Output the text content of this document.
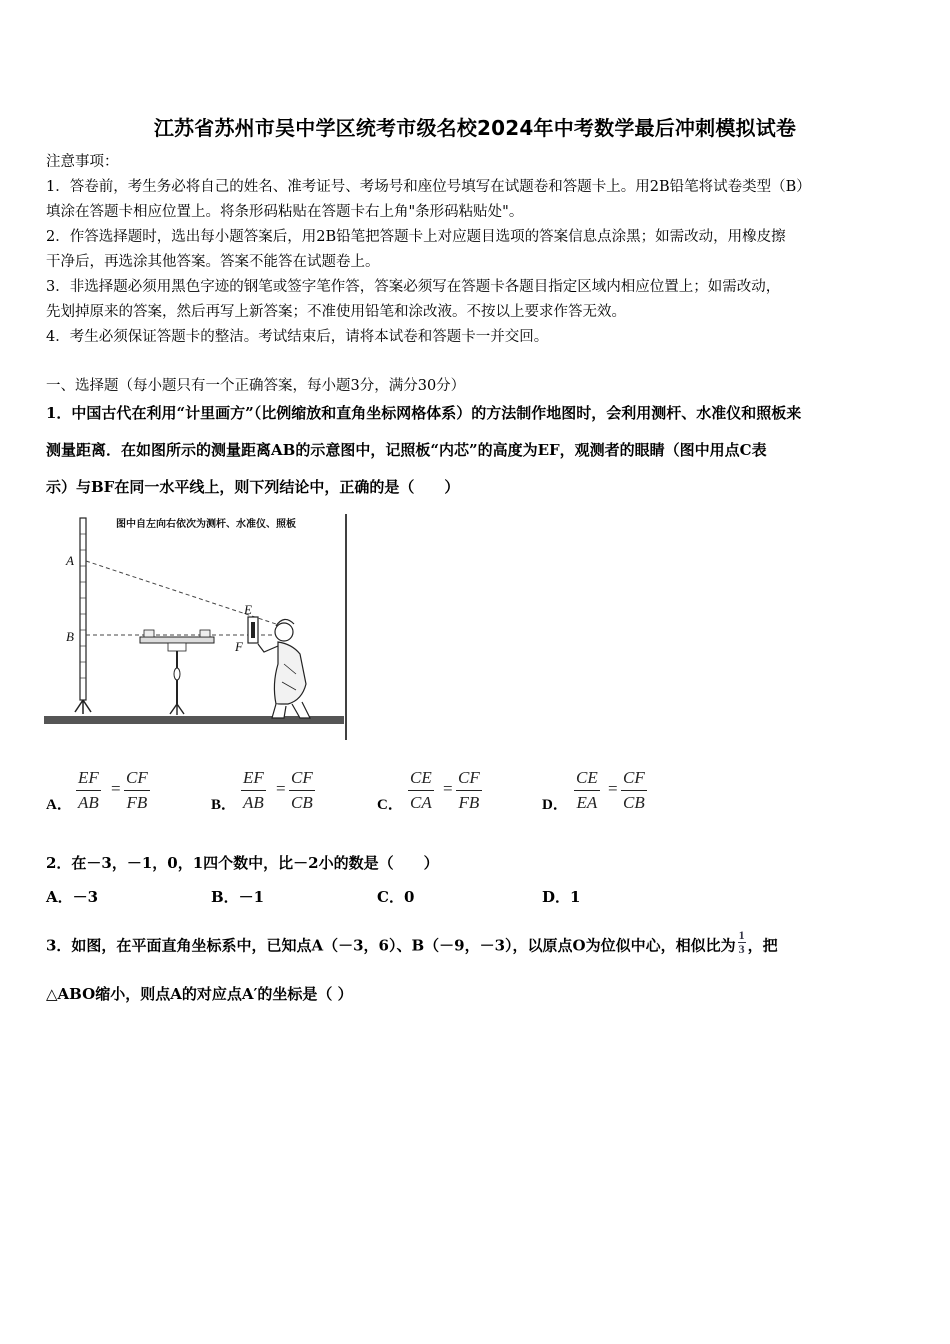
江苏省苏州市吴中学区统考市级名校2024年中考数学最后冲刺模拟试卷
注意事项：
1．答卷前，考生务必将自己的姓名、准考证号、考场号和座位号填写在试题卷和答题卡上。用2B铅笔将试卷类型（B）
填涂在答题卡相应位置上。将条形码粘贴在答题卡右上角"条形码粘贴处"。
2．作答选择题时，选出每小题答案后，用2B铅笔把答题卡上对应题目选项的答案信息点涂黑；如需改动，用橡皮擦
干净后，再选涂其他答案。答案不能答在试题卷上。
3．非选择题必须用黑色字迹的钢笔或签字笔作答，答案必须写在答题卡各题目指定区域内相应位置上；如需改动，
先划掉原来的答案，然后再写上新答案；不准使用铅笔和涂改液。不按以上要求作答无效。
4．考生必须保证答题卡的整洁。考试结束后，请将本试卷和答题卡一并交回。
一、选择题（每小题只有一个正确答案，每小题3分，满分30分）
1．中国古代在利用“计里画方”（比例缩放和直角坐标网格体系）的方法制作地图时，会利用测杆、水准仪和照板来
测量距离．在如图所示的测量距离AB的示意图中，记照板“内芯”的高度为EF，观测者的眼睛（图中用点C表
示）与BF在同一水平线上，则下列结论中，正确的是（　　）
图中自左向右依次为测杆、水准仪、照板
A
B
E
F
A． $\frac{EF}{AB} = \frac{CF}{FB}$	B． $\frac{EF}{AB} = \frac{CF}{CB}$	C． $\frac{CE}{CA} = \frac{CF}{FB}$	D． $\frac{CE}{EA} = \frac{CF}{CB}$
2．在－3，－1，0，1四个数中，比－2小的数是（　　）
A．－3	B．－1	C．0	D．1
3．如图，在平面直角坐标系中，已知点A（－3，6）、B（－9，－3），以原点O为位似中心，相似比为 $\frac{1}{3}$ ，把
△ABO缩小，则点A的对应点A′的坐标是（ ）
